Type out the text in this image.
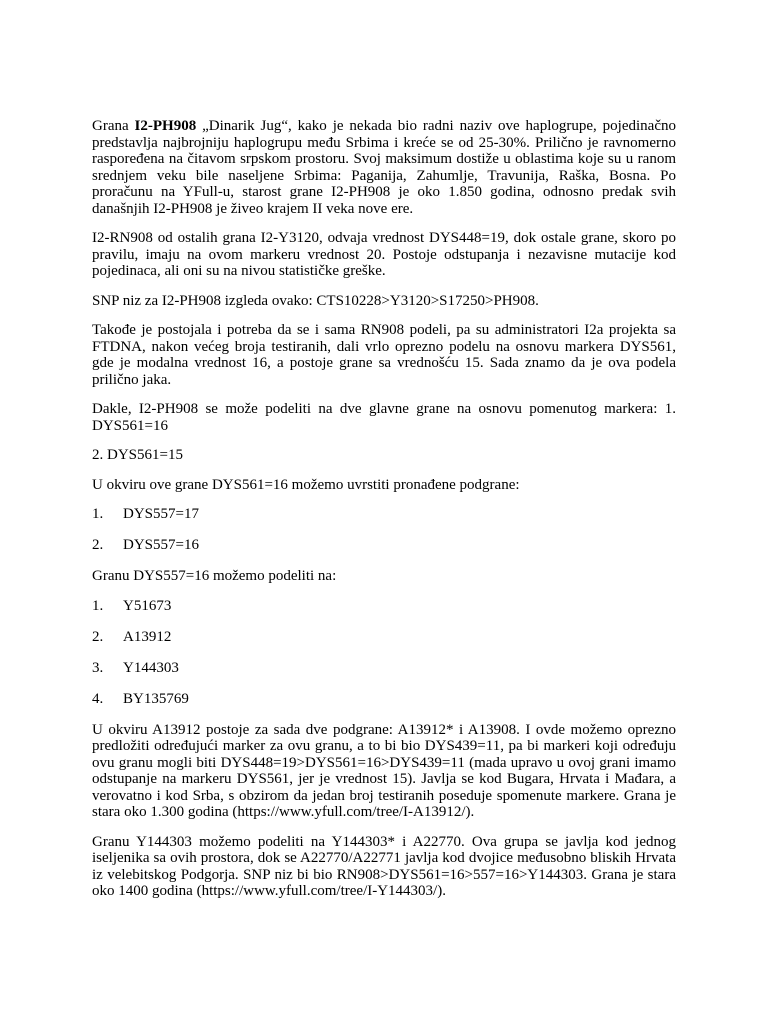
Grana I2-PH908 „Dinarik Jug“, kako je nekada bio radni naziv ove haplogrupe, pojedinačno predstavlja najbrojniju haplogrupu među Srbima i kreće se od 25-30%. Prilično je ravnomerno raspoređena na čitavom srpskom prostoru. Svoj maksimum dostiže u oblastima koje su u ranom srednjem veku bile naseljene Srbima: Paganija, Zahumlje, Travunija, Raška, Bosna. Po proračunu na YFull-u, starost grane I2-PH908 je oko 1.850 godina, odnosno predak svih današnjih I2-PH908 je živeo krajem II veka nove ere.

I2-RN908 od ostalih grana I2-Y3120, odvaja vrednost DYS448=19, dok ostale grane, skoro po pravilu, imaju na ovom markeru vrednost 20. Postoje odstupanja i nezavisne mutacije kod pojedinaca, ali oni su na nivou statističke greške.

SNP niz za I2-PH908 izgleda ovako: CTS10228>Y3120>S17250>PH908.

Takođe je postojala i potreba da se i sama RN908 podeli, pa su administratori I2a projekta sa FTDNA, nakon većeg broja testiranih, dali vrlo oprezno podelu na osnovu markera DYS561, gde je modalna vrednost 16, a postoje grane sa vrednošću 15. Sada znamo da je ova podela prilično jaka.

Dakle, I2-PH908 se može podeliti na dve glavne grane na osnovu pomenutog markera: 1. DYS561=16

2. DYS561=15

U okviru ove grane DYS561=16 možemo uvrstiti pronađene podgrane:

1.	DYS557=17
2.	DYS557=16

Granu DYS557=16 možemo podeliti na:

1.	Y51673
2.	A13912
3.	Y144303
4.	BY135769

U okviru A13912 postoje za sada dve podgrane: A13912* i A13908. I ovde možemo oprezno predložiti određujući marker za ovu granu, a to bi bio DYS439=11, pa bi markeri koji određuju ovu granu mogli biti DYS448=19>DYS561=16>DYS439=11 (mada upravo u ovoj grani imamo odstupanje na markeru DYS561, jer je vrednost 15). Javlja se kod Bugara, Hrvata i Mađara, a verovatno i kod Srba, s obzirom da jedan broj testiranih poseduje spomenute markere. Grana je stara oko 1.300 godina (https://www.yfull.com/tree/I-A13912/).

Granu Y144303 možemo podeliti na Y144303* i A22770. Ova grupa se javlja kod jednog iseljenika sa ovih prostora, dok se A22770/A22771 javlja kod dvojice međusobno bliskih Hrvata iz velebitskog Podgorja. SNP niz bi bio RN908>DYS561=16>557=16>Y144303. Grana je stara oko 1400 godina (https://www.yfull.com/tree/I-Y144303/).
